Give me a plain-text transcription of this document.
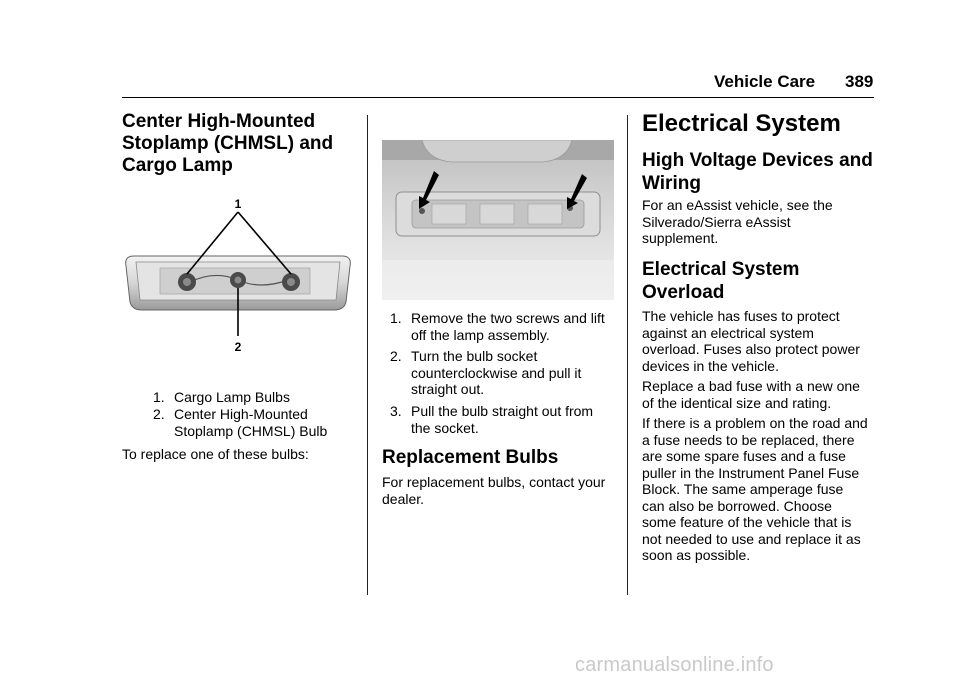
Vehicle Care 389
Center High-Mounted
Stoplamp (CHMSL) and
Cargo Lamp
1
2
1. Cargo Lamp Bulbs
2. Center High-Mounted
Stoplamp (CHMSL) Bulb
To replace one of these bulbs:
1. Remove the two screws and lift
off the lamp assembly.
2. Turn the bulb socket
counterclockwise and pull it
straight out.
3. Pull the bulb straight out from
the socket.
Replacement Bulbs
For replacement bulbs, contact your
dealer.
Electrical System
High Voltage Devices and
Wiring
For an eAssist vehicle, see the
Silverado/Sierra eAssist
supplement.
Electrical System
Overload
The vehicle has fuses to protect
against an electrical system
overload. Fuses also protect power
devices in the vehicle.
Replace a bad fuse with a new one
of the identical size and rating.
If there is a problem on the road and
a fuse needs to be replaced, there
are some spare fuses and a fuse
puller in the Instrument Panel Fuse
Block. The same amperage fuse
can also be borrowed. Choose
some feature of the vehicle that is
not needed to use and replace it as
soon as possible.
carmanualsonline.info
